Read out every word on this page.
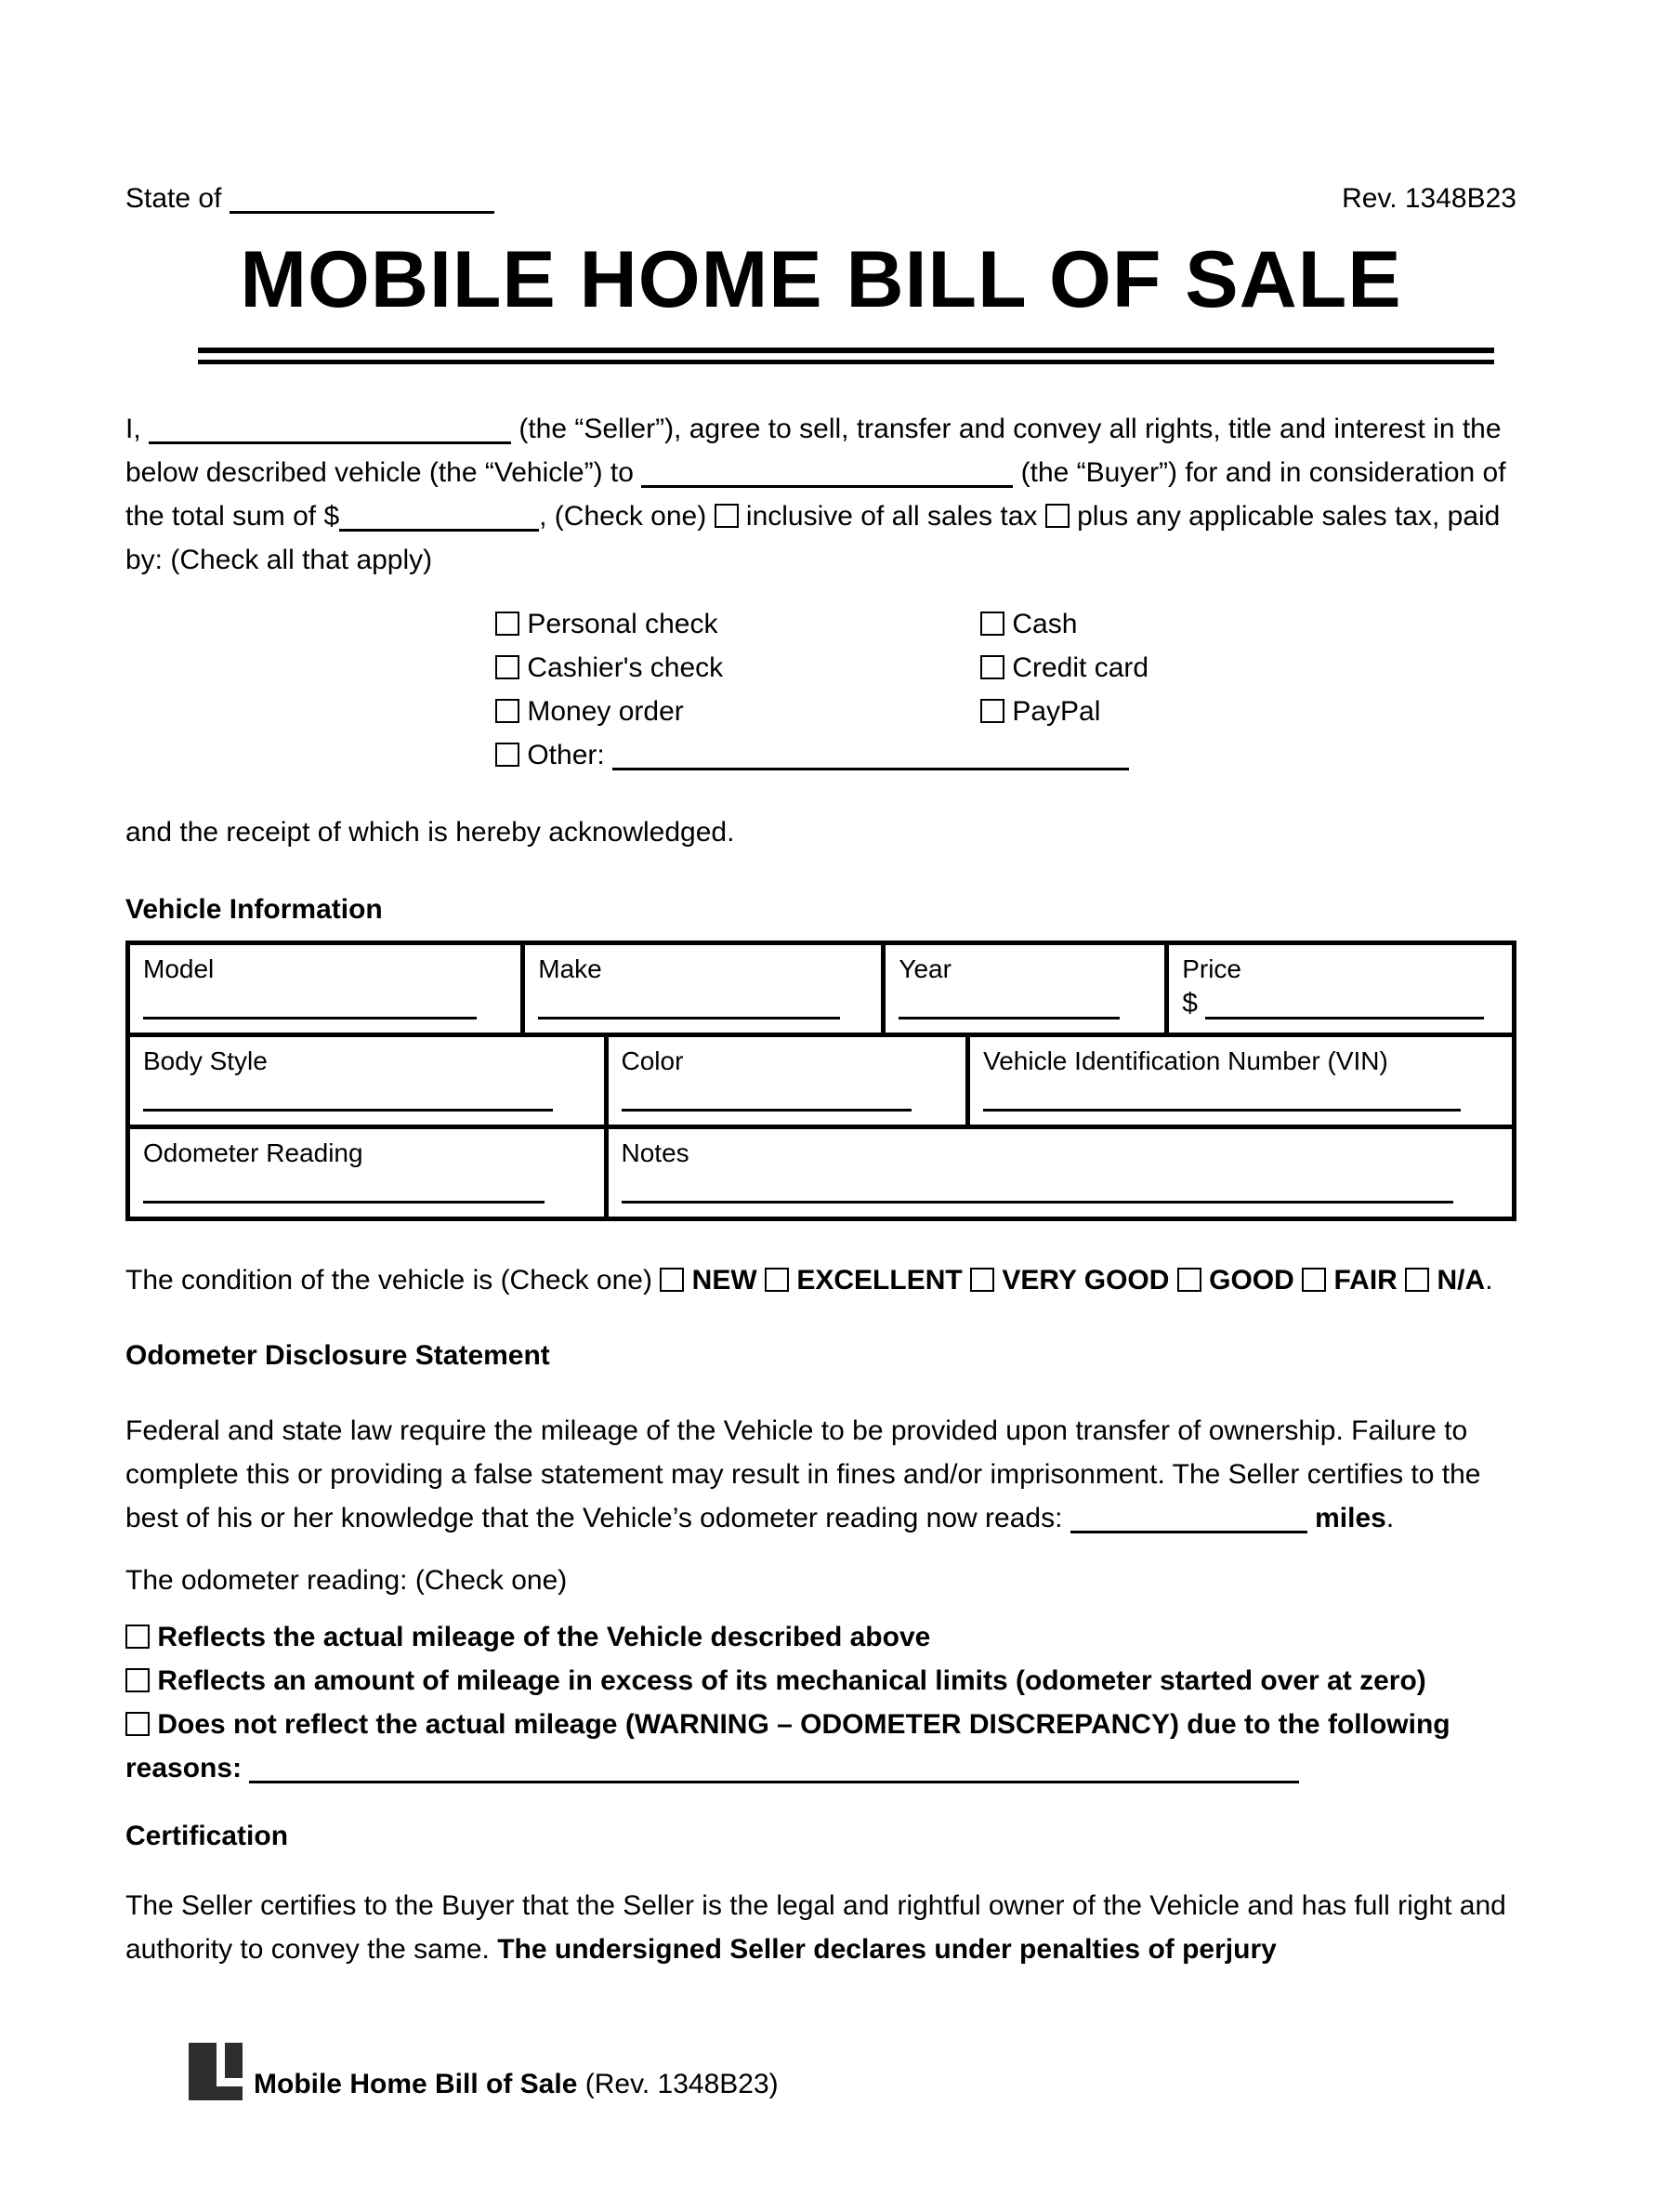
State of	Rev. 1348B23
MOBILE HOME BILL OF SALE

I,	(the “Seller”), agree to sell, transfer and convey all rights, title and interest in the below described vehicle (the “Vehicle”) to	(the “Buyer”) for and in consideration of the total sum of $	, (Check one) inclusive of all sales tax plus any applicable sales tax, paid by: (Check all that apply)

Personal check	Cash
Cashier's check	Credit card
Money order	PayPal
Other:

and the receipt of which is hereby acknowledged.

Vehicle Information
Model	Make	Year	Price
$
Body Style	Color	Vehicle Identification Number (VIN)
Odometer Reading	Notes

The condition of the vehicle is (Check one) NEW EXCELLENT VERY GOOD GOOD FAIR N/A.

Odometer Disclosure Statement

Federal and state law require the mileage of the Vehicle to be provided upon transfer of ownership. Failure to complete this or providing a false statement may result in fines and/or imprisonment. The Seller certifies to the best of his or her knowledge that the Vehicle’s odometer reading now reads:	miles.

The odometer reading: (Check one)

Reflects the actual mileage of the Vehicle described above
Reflects an amount of mileage in excess of its mechanical limits (odometer started over at zero)
Does not reflect the actual mileage (WARNING – ODOMETER DISCREPANCY) due to the following reasons:
Certification

The Seller certifies to the Buyer that the Seller is the legal and rightful owner of the Vehicle and has full right and authority to convey the same. The undersigned Seller declares under penalties of perjury

Mobile Home Bill of Sale (Rev. 1348B23)
